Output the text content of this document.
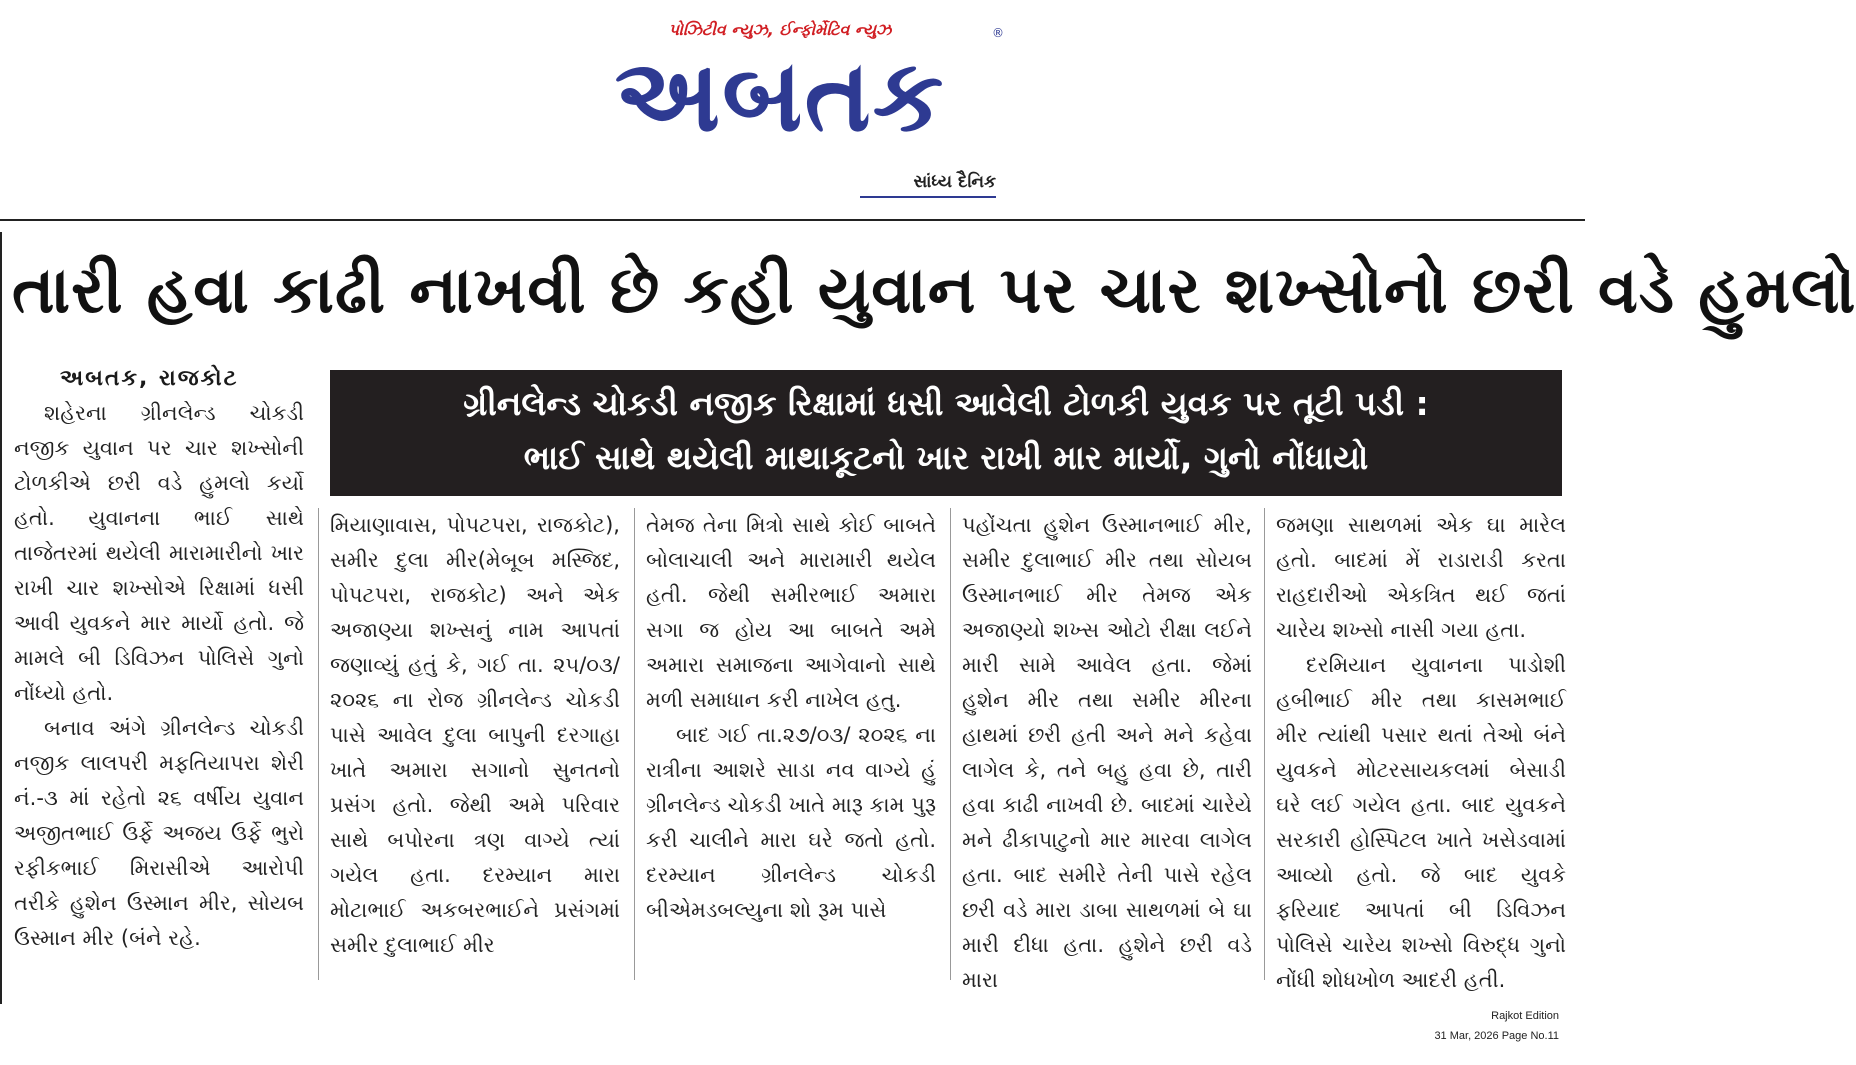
પોઝિટીવ ન્યુઝ, ઈન્ફોર્મેટિવ ન્યુઝ
અબતક
®
સાંધ્ય દૈનિક
તારી હવા કાઢી નાખવી છે કહી યુવાન પર ચાર શખ્સોનો છરી વડે હુમલો
અબતક, રાજકોટ
ગ્રીનલેન્ડ ચોકડી નજીક રિક્ષામાં ધસી આવેલી ટોળકી યુવક પર તૂટી પડી :
ભાઈ સાથે થયેલી માથાકૂટનો ખાર રાખી માર માર્યો, ગુનો નોંધાયો

શહેરના ગ્રીનલેન્ડ ચોકડી નજીક યુવાન પર ચાર શખ્સોની ટોળકીએ છરી વડે હુમલો કર્યો હતો. યુવાનના ભાઈ સાથે તાજેતરમાં થયેલી મારામારીનો ખાર રાખી ચાર શખ્સોએ રિક્ષામાં ધસી આવી યુવકને માર માર્યો હતો. જે મામલે બી ડિવિઝન પોલિસે ગુનો નોંધ્યો હતો.

બનાવ અંગે ગ્રીનલેન્ડ ચોકડી નજીક લાલપરી મફતિયાપરા શેરી નં.-૩ માં રહેતો ૨૬ વર્ષીય યુવાન અજીતભાઈ ઉર્ફે અજય ઉર્ફે ભુરો રફીકભાઈ મિરાસીએ આરોપી તરીકે હુશેન ઉસ્માન મીર, સોયબ ઉસ્માન મીર (બંને રહે.

મિયાણાવાસ, પોપટપરા, રાજકોટ), સમીર દુલા મીર(મેબૂબ મસ્જિદ, પોપટપરા, રાજકોટ) અને એક અજાણ્યા શખ્સનું નામ આપતાં જણાવ્યું હતું કે, ગઈ તા. ૨૫/૦૩/ ૨૦૨૬ ના રોજ ગ્રીનલેન્ડ ચોકડી પાસે આવેલ દુલા બાપુની દરગાહા ખાતે અમારા સગાનો સુનતનો પ્રસંગ હતો. જેથી અમે પરિવાર સાથે બપોરના ત્રણ વાગ્યે ત્યાં ગયેલ હતા. દરમ્યાન મારા મોટાભાઈ અકબરભાઈને પ્રસંગમાં સમીર દુલાભાઈ મીર

તેમજ તેના મિત્રો સાથે કોઈ બાબતે બોલાચાલી અને મારામારી થયેલ હતી. જેથી સમીરભાઈ અમારા સગા જ હોય આ બાબતે અમે અમારા સમાજના આગેવાનો સાથે મળી સમાધાન કરી નાખેલ હતુ.

બાદ ગઈ તા.૨૭/૦૩/ ૨૦૨૬ ના રાત્રીના આશરે સાડા નવ વાગ્યે હું ગ્રીનલેન્ડ ચોકડી ખાતે મારૂ કામ પુરૂ કરી ચાલીને મારા ઘરે જતો હતો. દરમ્યાન ગ્રીનલેન્ડ ચોકડી બીએમડબલ્યુના શો રૂમ પાસે

પહોંચતા હુશેન ઉસ્માનભાઈ મીર, સમીર દુલાભાઈ મીર તથા સોયબ ઉસ્માનભાઈ મીર તેમજ એક અજાણ્યો શખ્સ ઓટો રીક્ષા લઈને મારી સામે આવેલ હતા. જેમાં હુશેન મીર તથા સમીર મીરના હાથમાં છરી હતી અને મને કહેવા લાગેલ કે, તને બહુ હવા છે, તારી હવા કાઢી નાખવી છે. બાદમાં ચારેયે મને ઢીકાપાટુનો માર મારવા લાગેલ હતા. બાદ સમીરે તેની પાસે રહેલ છરી વડે મારા ડાબા સાથળમાં બે ઘા મારી દીધા હતા. હુશેને છરી વડે મારા

જમણા સાથળમાં એક ઘા મારેલ હતો. બાદમાં મેં રાડારાડી કરતા રાહદારીઓ એકત્રિત થઈ જતાં ચારેય શખ્સો નાસી ગયા હતા.

દરમિયાન યુવાનના પાડોશી હબીભાઈ મીર તથા કાસમભાઈ મીર ત્યાંથી પસાર થતાં તેઓ બંને યુવકને મોટરસાયકલમાં બેસાડી ઘરે લઈ ગયેલ હતા. બાદ યુવકને સરકારી હોસ્પિટલ ખાતે ખસેડવામાં આવ્યો હતો. જે બાદ યુવકે ફરિયાદ આપતાં બી ડિવિઝન પોલિસે ચારેય શખ્સો વિરુદ્ધ ગુનો નોંધી શોધખોળ આદરી હતી.

Rajkot Edition
31 Mar, 2026 Page No.11
